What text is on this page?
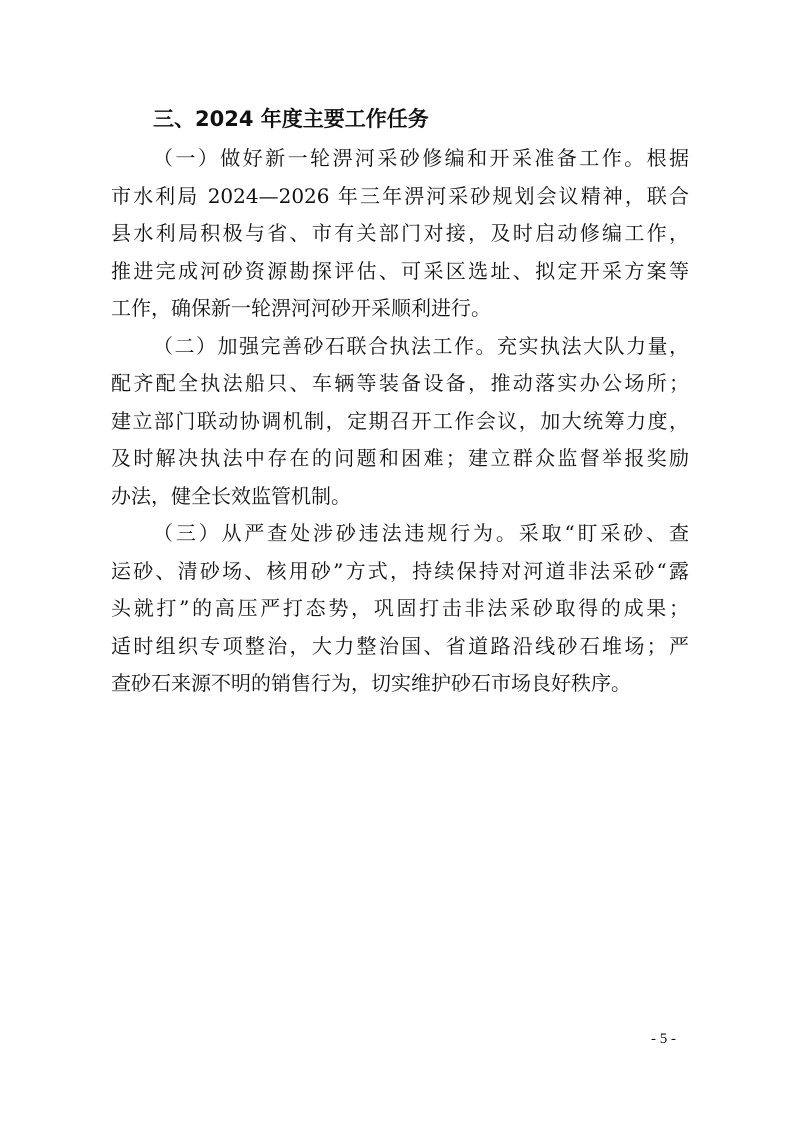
三、2024 年度主要工作任务

（一）做好新一轮淠河采砂修编和开采准备工作。根据
市水利局 2024—2026 年三年淠河采砂规划会议精神，联合
县水利局积极与省、市有关部门对接，及时启动修编工作，
推进完成河砂资源勘探评估、可采区选址、拟定开采方案等
工作，确保新一轮淠河河砂开采顺利进行。

（二）加强完善砂石联合执法工作。充实执法大队力量，
配齐配全执法船只、车辆等装备设备，推动落实办公场所；
建立部门联动协调机制，定期召开工作会议，加大统筹力度，
及时解决执法中存在的问题和困难；建立群众监督举报奖励
办法，健全长效监管机制。

（三）从严查处涉砂违法违规行为。采取“盯采砂、查
运砂、清砂场、核用砂”方式，持续保持对河道非法采砂“露
头就打”的高压严打态势，巩固打击非法采砂取得的成果；
适时组织专项整治，大力整治国、省道路沿线砂石堆场；严
查砂石来源不明的销售行为，切实维护砂石市场良好秩序。

- 5 -
